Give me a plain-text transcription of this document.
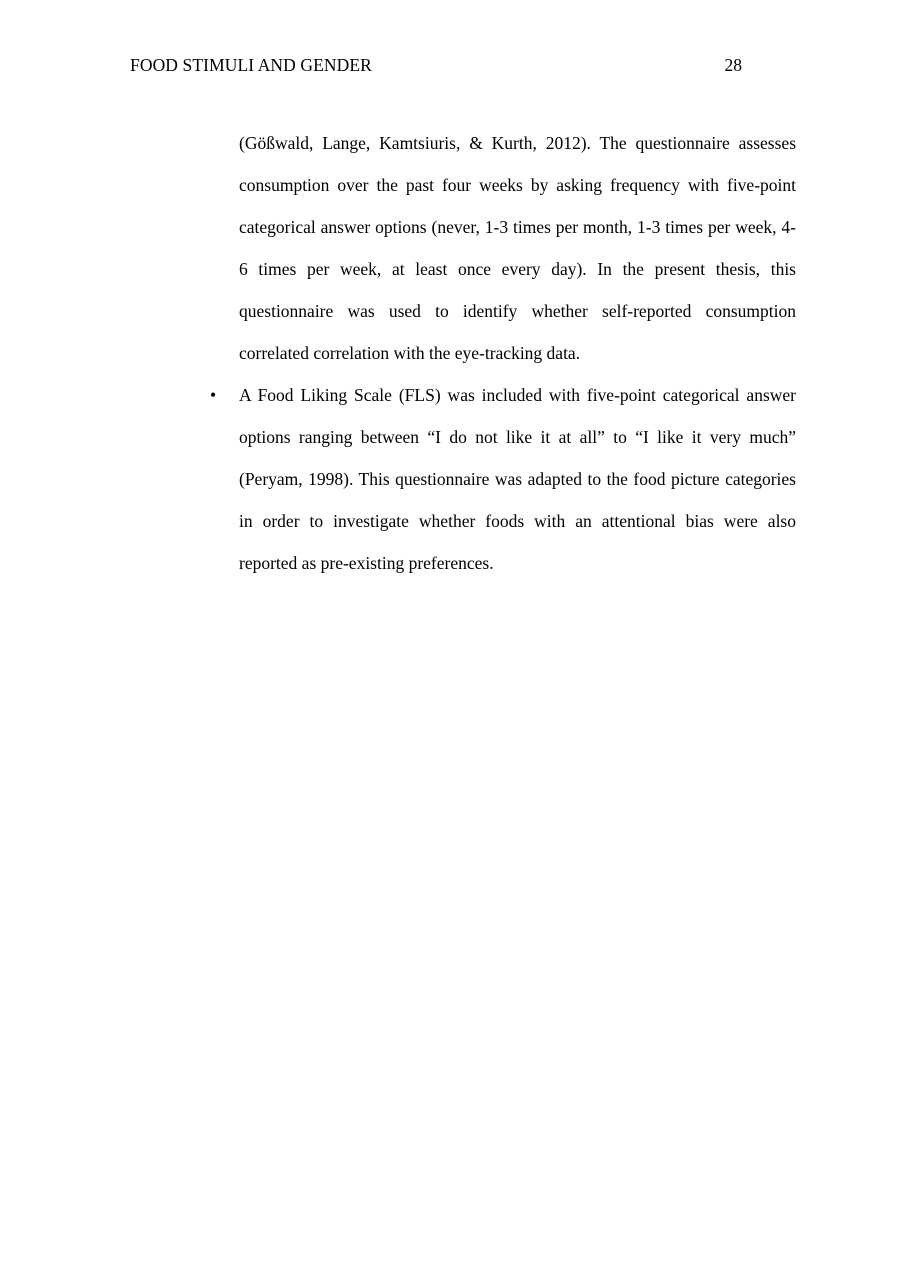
FOOD STIMULI AND GENDER	28

(Gößwald, Lange, Kamtsiuris, & Kurth, 2012). The questionnaire assesses consumption over the past four weeks by asking frequency with five-point categorical answer options (never, 1-3 times per month, 1-3 times per week, 4-6 times per week, at least once every day). In the present thesis, this questionnaire was used to identify whether self-reported consumption correlated correlation with the eye-tracking data.

•	A Food Liking Scale (FLS) was included with five-point categorical answer options ranging between “I do not like it at all” to “I like it very much” (Peryam, 1998). This questionnaire was adapted to the food picture categories in order to investigate whether foods with an attentional bias were also reported as pre-existing preferences.
